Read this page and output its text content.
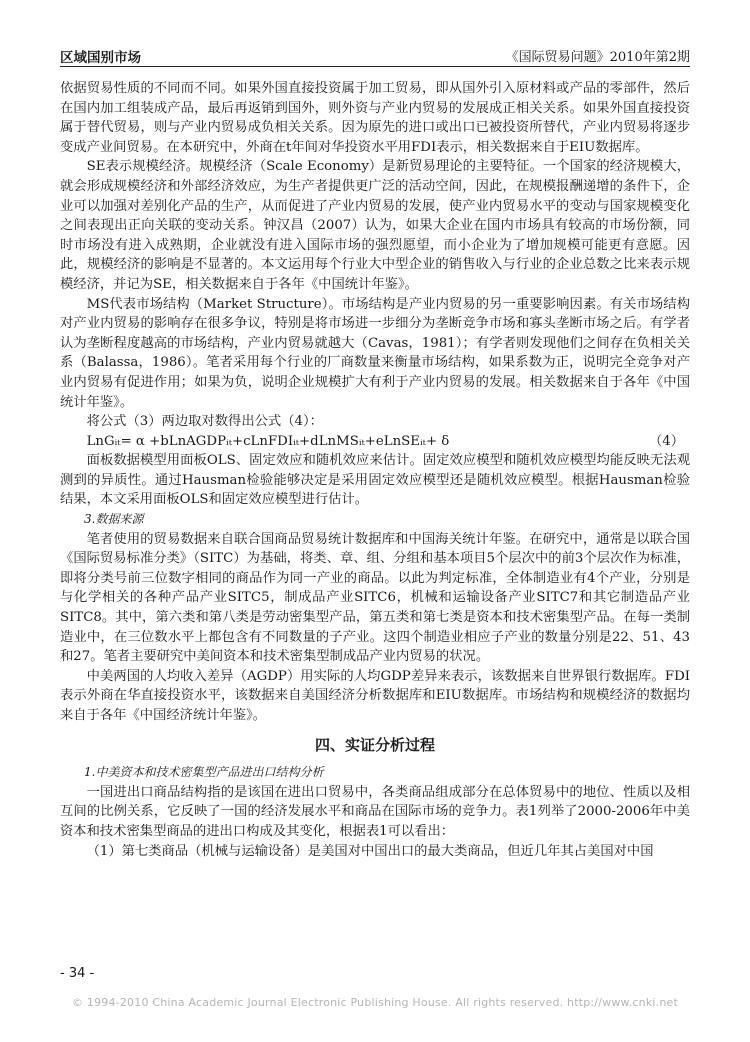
区域国别市场	《国际贸易问题》2010年第2期

依据贸易性质的不同而不同。如果外国直接投资属于加工贸易，即从国外引入原材料或产品的零部件，然后在国内加工组装成产品，最后再返销到国外，则外资与产业内贸易的发展成正相关关系。如果外国直接投资属于替代贸易，则与产业内贸易成负相关关系。因为原先的进口或出口已被投资所替代，产业内贸易将逐步变成产业间贸易。在本研究中，外商在t年间对华投资水平用FDI表示，相关数据来自于EIU数据库。

SE表示规模经济。规模经济（Scale Economy）是新贸易理论的主要特征。一个国家的经济规模大，就会形成规模经济和外部经济效应，为生产者提供更广泛的活动空间，因此，在规模报酬递增的条件下，企业可以加强对差别化产品的生产，从而促进了产业内贸易的发展，使产业内贸易水平的变动与国家规模变化之间表现出正向关联的变动关系。钟汉昌（2007）认为，如果大企业在国内市场具有较高的市场份额，同时市场没有进入成熟期，企业就没有进入国际市场的强烈愿望，而小企业为了增加规模可能更有意愿。因此，规模经济的影响是不显著的。本文运用每个行业大中型企业的销售收入与行业的企业总数之比来表示规模经济，并记为SE，相关数据来自于各年《中国统计年鉴》。

MS代表市场结构（Market Structure）。市场结构是产业内贸易的另一重要影响因素。有关市场结构对产业内贸易的影响存在很多争议，特别是将市场进一步细分为垄断竞争市场和寡头垄断市场之后。有学者认为垄断程度越高的市场结构，产业内贸易就越大（Cavas，1981）；有学者则发现他们之间存在负相关关系（Balassa，1986）。笔者采用每个行业的厂商数量来衡量市场结构，如果系数为正，说明完全竞争对产业内贸易有促进作用；如果为负，说明企业规模扩大有利于产业内贸易的发展。相关数据来自于各年《中国统计年鉴》。

将公式（3）两边取对数得出公式（4）：

LnGᵢₜ= α +bLnAGDPᵢₜ+cLnFDIᵢₜ+dLnMSᵢₜ+eLnSEᵢₜ+ δ	（4）

面板数据模型用面板OLS、固定效应和随机效应来估计。固定效应模型和随机效应模型均能反映无法观测到的异质性。通过Hausman检验能够决定是采用固定效应模型还是随机效应模型。根据Hausman检验结果，本文采用面板OLS和固定效应模型进行估计。

3.数据来源

笔者使用的贸易数据来自联合国商品贸易统计数据库和中国海关统计年鉴。在研究中，通常是以联合国《国际贸易标准分类》（SITC）为基础，将类、章、组、分组和基本项目5个层次中的前3个层次作为标准，即将分类号前三位数字相同的商品作为同一产业的商品。以此为判定标准，全体制造业有4个产业，分别是与化学相关的各种产品产业SITC5，制成品产业SITC6，机械和运输设备产业SITC7和其它制造品产业SITC8。其中，第六类和第八类是劳动密集型产品，第五类和第七类是资本和技术密集型产品。在每一类制造业中，在三位数水平上都包含有不同数量的子产业。这四个制造业相应子产业的数量分别是22、51、43和27。笔者主要研究中美间资本和技术密集型制成品产业内贸易的状况。

中美两国的人均收入差异（AGDP）用实际的人均GDP差异来表示，该数据来自世界银行数据库。FDI 表示外商在华直接投资水平，该数据来自美国经济分析数据库和EIU数据库。市场结构和规模经济的数据均来自于各年《中国经济统计年鉴》。

四、实证分析过程

1.中美资本和技术密集型产品进出口结构分析

一国进出口商品结构指的是该国在进出口贸易中，各类商品组成部分在总体贸易中的地位、性质以及相互间的比例关系，它反映了一国的经济发展水平和商品在国际市场的竞争力。表1列举了2000-2006年中美资本和技术密集型商品的进出口构成及其变化，根据表1可以看出：

（1）第七类商品（机械与运输设备）是美国对中国出口的最大类商品，但近几年其占美国对中国

- 34 -
© 1994-2010 China Academic Journal Electronic Publishing House. All rights reserved. http://www.cnki.net
